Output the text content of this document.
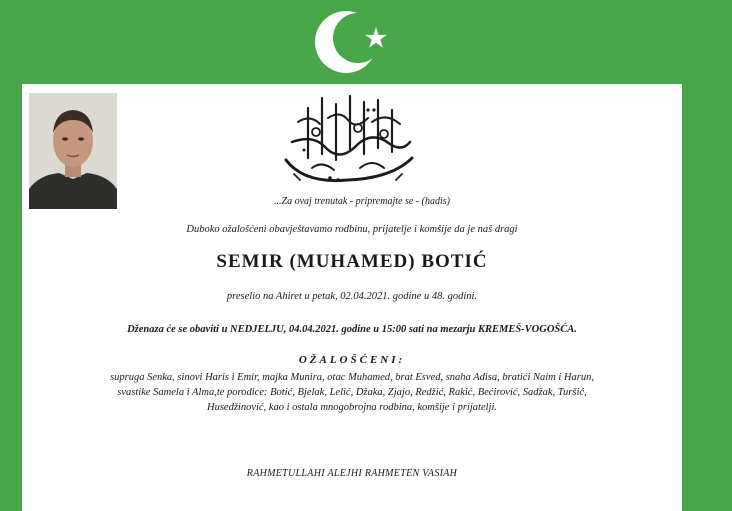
...Za ovaj trenutak - pripremajte se - (hadis)
Duboko ožalošćeni obavještavamo rodbinu, prijatelje i komšije da je naš dragi
SEMIR (MUHAMED) BOTIĆ
preselio na Ahiret u petak, 02.04.2021. godine u 48. godini.
Dženaza će se obaviti u NEDJELJU, 04.04.2021. godine u 15:00 sati na mezarju KREMEŠ-VOGOŠĆA.
OŽALOŠĆENI:
supruga Senka, sinovi Haris i Emir, majka Munira, otac Muhamed, brat Esved, snaha Adisa, bratići Naim i Harun,
svastike Samela i Alma,te porodice: Botić, Bjelak, Lelić, Džaka, Zjajo, Redžić, Rakić, Bećirović, Sadžak, Turšić,
Husedžinović, kao i ostala mnogobrojna rodbina, komšije i prijatelji.
RAHMETULLAHI ALEJHI RAHMETEN VASIAH
